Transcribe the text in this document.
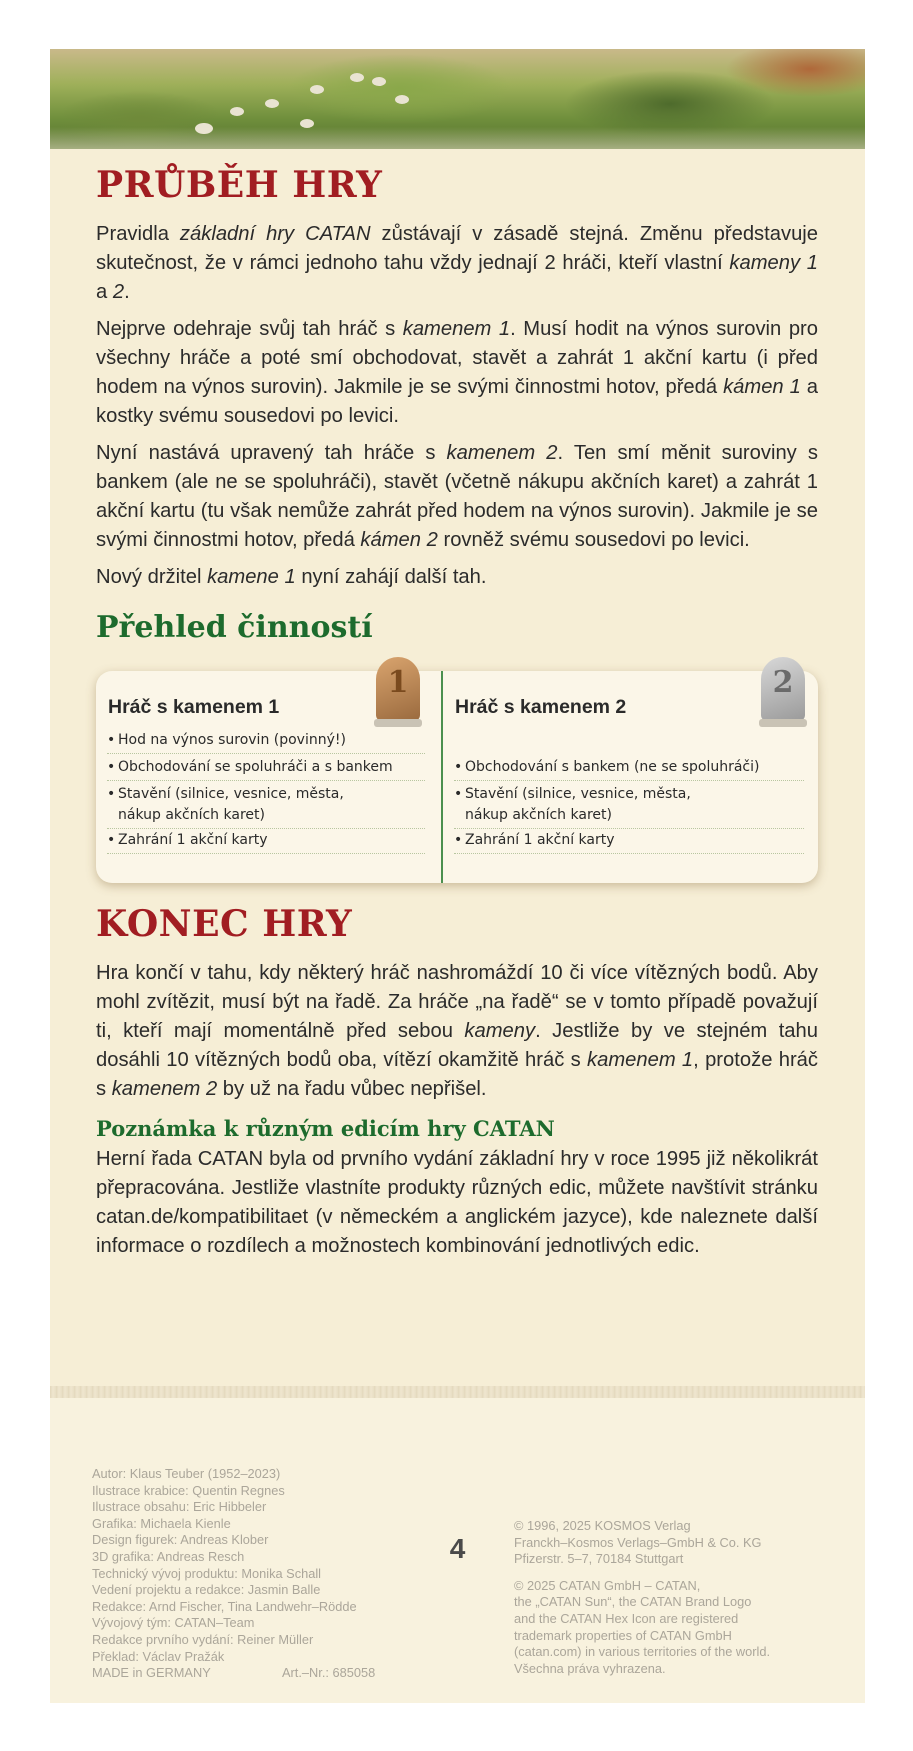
PRŮBĚH HRY

Pravidla základní hry CATAN zůstávají v zásadě stejná. Změnu představuje skutečnost, že v rámci jednoho tahu vždy jednají 2 hráči, kteří vlastní kameny 1 a 2.

Nejprve odehraje svůj tah hráč s kamenem 1. Musí hodit na výnos surovin pro všechny hráče a poté smí obchodovat, stavět a zahrát 1 akční kartu (i před hodem na výnos surovin). Jakmile je se svými činnostmi hotov, předá kámen 1 a kostky svému sousedovi po levici.

Nyní nastává upravený tah hráče s kamenem 2. Ten smí měnit suroviny s bankem (ale ne se spoluhráči), stavět (včetně nákupu akčních karet) a zahrát 1 akční kartu (tu však nemůže zahrát před hodem na výnos surovin). Jakmile je se svými činnostmi hotov, předá kámen 2 rovněž svému sousedovi po levici.

Nový držitel kamene 1 nyní zahájí další tah.

Přehled činností
Hráč s kamenem 1
1
• Hod na výnos surovin (povinný!)
• Obchodování se spoluhráči a s bankem
• Stavění (silnice, vesnice, města, nákup akčních karet)
• Zahrání 1 akční karty
Hráč s kamenem 2
2
• Obchodování s bankem (ne se spoluhráči)
• Stavění (silnice, vesnice, města, nákup akčních karet)
• Zahrání 1 akční karty
KONEC HRY

Hra končí v tahu, kdy některý hráč nashromáždí 10 či více vítězných bodů. Aby mohl zvítězit, musí být na řadě. Za hráče „na řadě“ se v tomto případě považují ti, kteří mají momentálně před sebou kameny. Jestliže by ve stejném tahu dosáhli 10 vítězných bodů oba, vítězí okamžitě hráč s kamenem 1, protože hráč s kamenem 2 by už na řadu vůbec nepřišel.

Poznámka k různým edicím hry CATAN

Herní řada CATAN byla od prvního vydání základní hry v roce 1995 již několikrát přepracována. Jestliže vlastníte produkty různých edic, můžete navštívit stránku catan.de/kompatibilitaet (v německém a anglickém jazyce), kde naleznete další informace o rozdílech a možnostech kombinování jednotlivých edic.

Autor: Klaus Teuber (1952–2023)
Ilustrace krabice: Quentin Regnes
Ilustrace obsahu: Eric Hibbeler
Grafika: Michaela Kienle
Design figurek: Andreas Klober
3D grafika: Andreas Resch
Technický vývoj produktu: Monika Schall
Vedení projektu a redakce: Jasmin Balle
Redakce: Arnd Fischer, Tina Landwehr–Rödde
Vývojový tým: CATAN–Team
Redakce prvního vydání: Reiner Müller
Překlad: Václav Pražák
MADE in GERMANY	Art.–Nr.: 685058
© 1996, 2025 KOSMOS Verlag
Franckh–Kosmos Verlags–GmbH & Co. KG
Pfizerstr. 5–7, 70184 Stuttgart
© 2025 CATAN GmbH – CATAN,
the „CATAN Sun“, the CATAN Brand Logo
and the CATAN Hex Icon are registered
trademark properties of CATAN GmbH
(catan.com) in various territories of the world.
Všechna práva vyhrazena.
4
